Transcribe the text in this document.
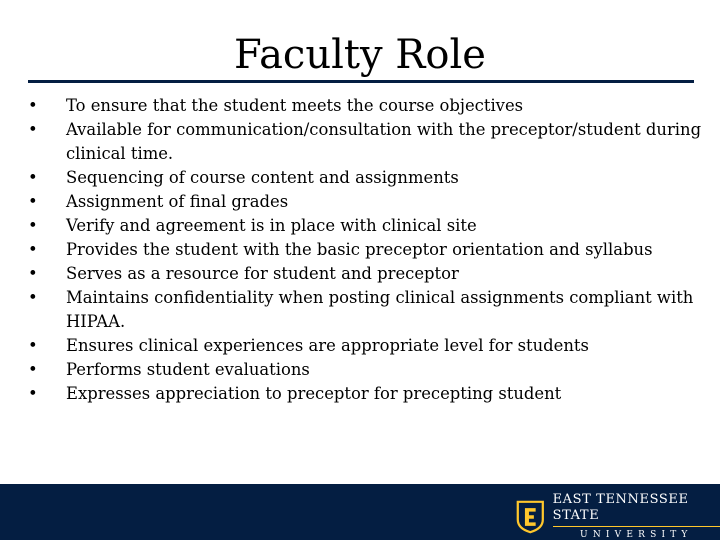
Faculty Role
•	To ensure that the student meets the course objectives
•	Available for communication/consultation with the preceptor/student during clinical time.
•	Sequencing of course content and assignments
•	Assignment of final grades
•	Verify and agreement is in place with clinical site
•	Provides the student with the basic preceptor orientation and syllabus
•	Serves as a resource for student and preceptor
•	Maintains confidentiality when posting clinical assignments compliant with HIPAA.
•	Ensures clinical experiences are appropriate level for students
•	Performs student evaluations
•	Expresses appreciation to preceptor for precepting student
EAST TENNESSEE STATE
UNIVERSITY
